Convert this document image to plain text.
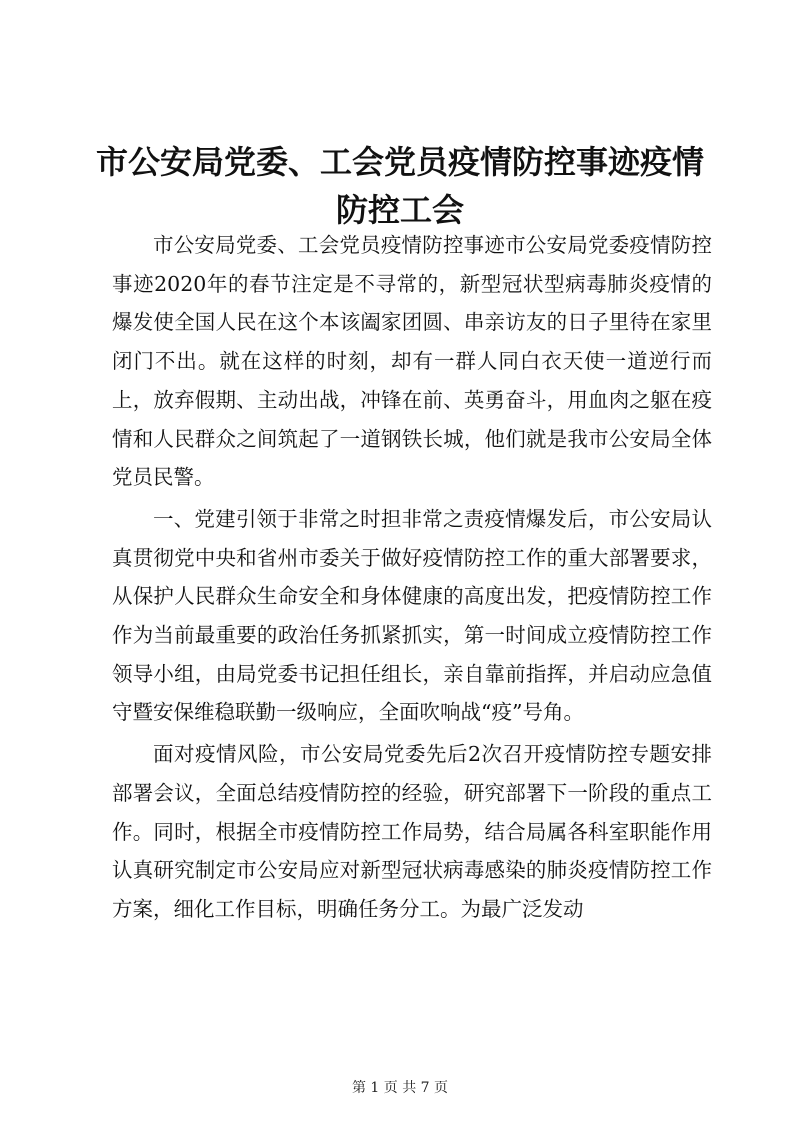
市公安局党委、工会党员疫情防控事迹疫情防控工会

市公安局党委、工会党员疫情防控事迹市公安局党委疫情防控事迹2020年的春节注定是不寻常的，新型冠状型病毒肺炎疫情的爆发使全国人民在这个本该阖家团圆、串亲访友的日子里待在家里闭门不出。就在这样的时刻，却有一群人同白衣天使一道逆行而上，放弃假期、主动出战，冲锋在前、英勇奋斗，用血肉之躯在疫情和人民群众之间筑起了一道钢铁长城，他们就是我市公安局全体党员民警。

一、党建引领于非常之时担非常之责疫情爆发后，市公安局认真贯彻党中央和省州市委关于做好疫情防控工作的重大部署要求，从保护人民群众生命安全和身体健康的高度出发，把疫情防控工作作为当前最重要的政治任务抓紧抓实，第一时间成立疫情防控工作领导小组，由局党委书记担任组长，亲自靠前指挥，并启动应急值守暨安保维稳联勤一级响应，全面吹响战“疫”号角。

面对疫情风险，市公安局党委先后2次召开疫情防控专题安排部署会议，全面总结疫情防控的经验，研究部署下一阶段的重点工作。同时，根据全市疫情防控工作局势，结合局属各科室职能作用认真研究制定市公安局应对新型冠状病毒感染的肺炎疫情防控工作方案，细化工作目标，明确任务分工。为最广泛发动

第 1 页 共 7 页
